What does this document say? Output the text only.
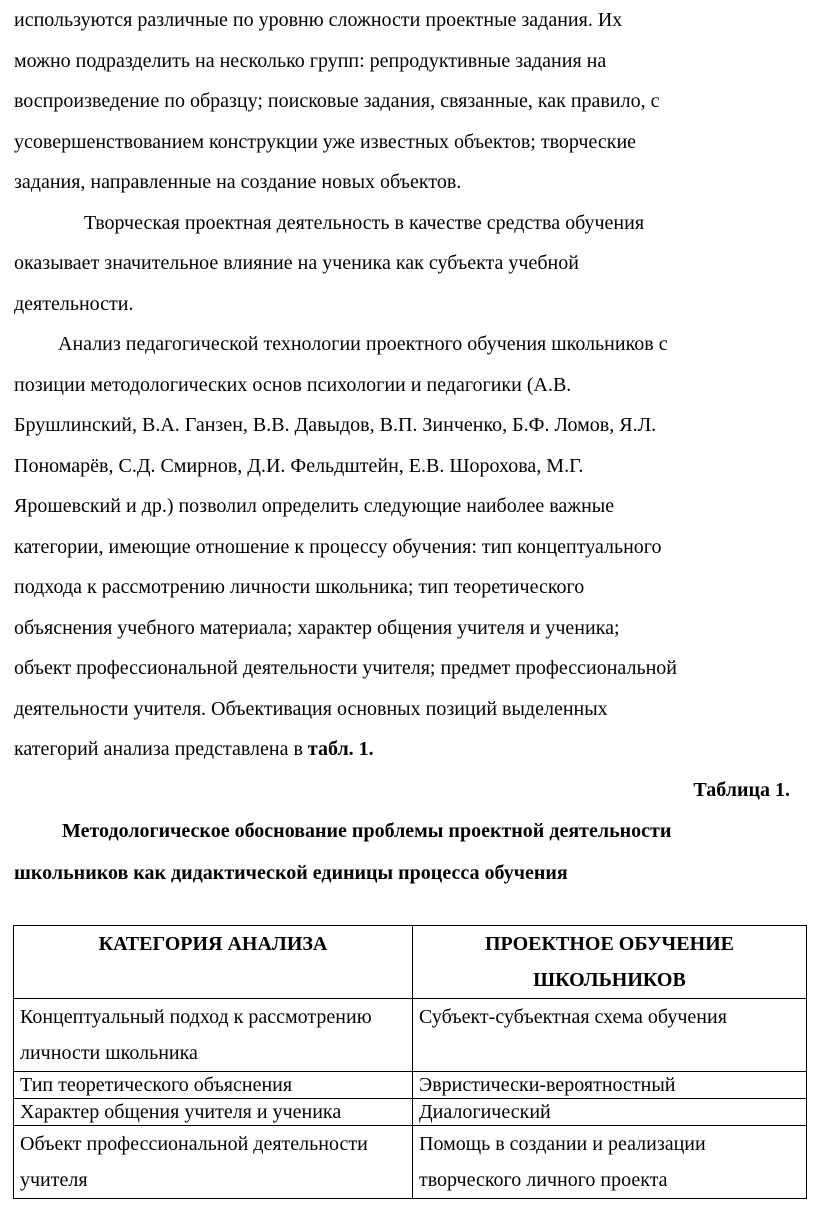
используются различные по уровню сложности проектные задания. Их
можно подразделить на несколько групп: репродуктивные задания на
воспроизведение по образцу; поисковые задания, связанные, как правило, с
усовершенствованием конструкции уже известных объектов; творческие
задания, направленные на создание новых объектов.
Творческая проектная деятельность в качестве средства обучения
оказывает значительное влияние на ученика как субъекта учебной
деятельности.
Анализ педагогической технологии проектного обучения школьников с
позиции методологических основ психологии и педагогики (А.В.
Брушлинский, В.А. Ганзен, В.В. Давыдов, В.П. Зинченко, Б.Ф. Ломов, Я.Л.
Пономарёв, С.Д. Смирнов, Д.И. Фельдштейн, Е.В. Шорохова, М.Г.
Ярошевский и др.) позволил определить следующие наиболее важные
категории, имеющие отношение к процессу обучения: тип концептуального
подхода к рассмотрению личности школьника; тип теоретического
объяснения учебного материала; характер общения учителя и ученика;
объект профессиональной деятельности учителя; предмет профессиональной
деятельности учителя. Объективация основных позиций выделенных
категорий анализа представлена в табл. 1.
Таблица 1.
Методологическое обоснование проблемы проектной деятельности
школьников как дидактической единицы процесса обучения
КАТЕГОРИЯ АНАЛИЗА	ПРОЕКТНОЕ ОБУЧЕНИЕ ШКОЛЬНИКОВ
Концептуальный подход к рассмотрению личности школьника	Субъект-субъектная схема обучения
Тип теоретического объяснения	Эвристически-вероятностный
Характер общения учителя и ученика	Диалогический
Объект профессиональной деятельности учителя	Помощь в создании и реализации творческого личного проекта
